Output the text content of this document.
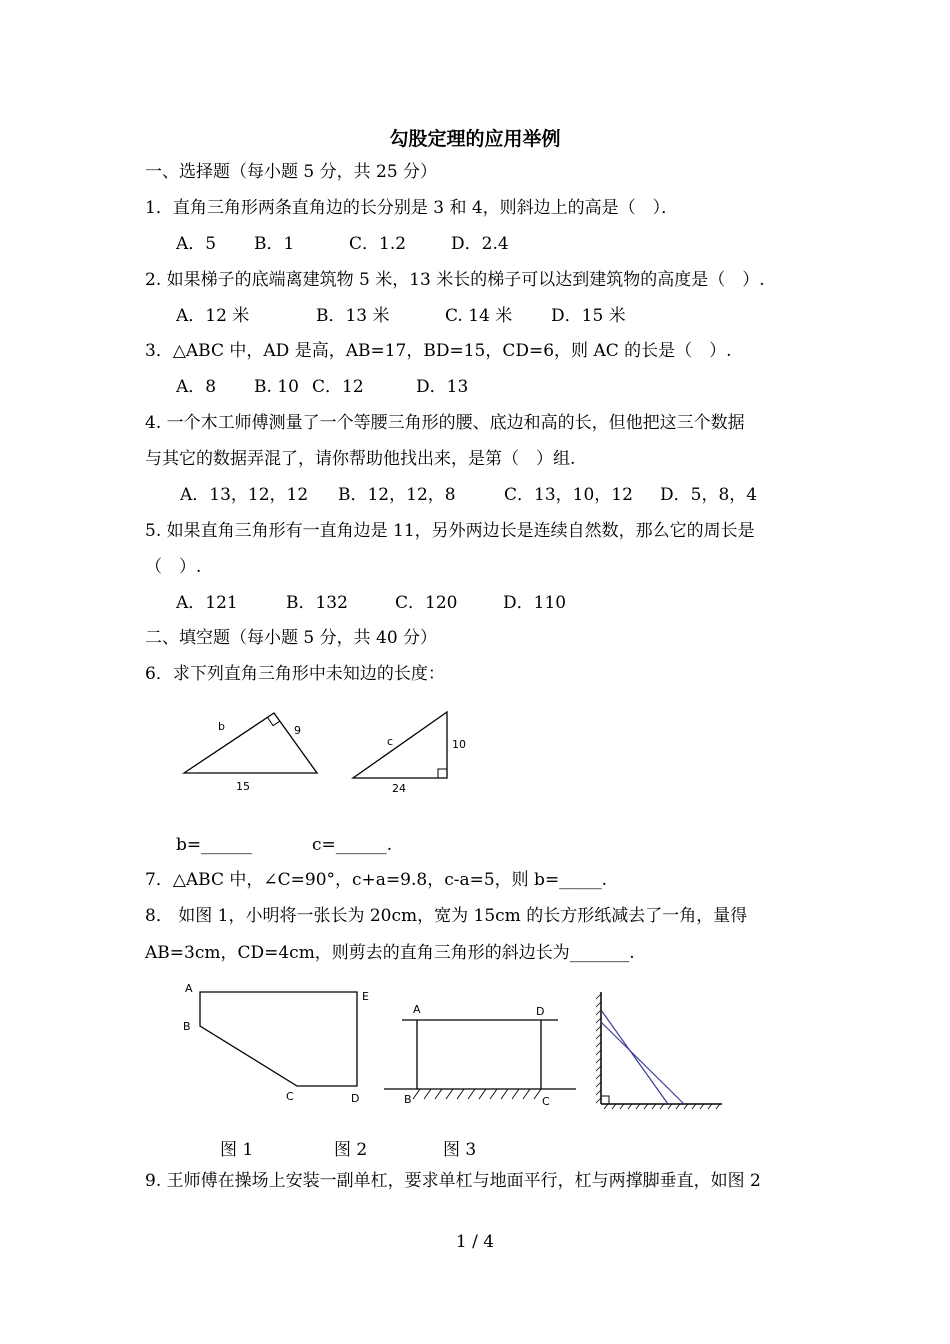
勾股定理的应用举例
一、选择题（每小题 5 分，共 25 分）
1．直角三角形两条直角边的长分别是 3 和 4，则斜边上的高是（　）．
A．5 B．1	C．1.2	D．2.4
2. 如果梯子的底端离建筑物 5 米，13 米长的梯子可以达到建筑物的高度是（　）.
A．12 米	B．13 米	C. 14 米 D．15 米
3．△ABC 中，AD 是高，AB=17，BD=15，CD=6，则 AC 的长是（　）.
A．8 B. 10 C．12	D．13
4. 一个木工师傅测量了一个等腰三角形的腰、底边和高的长，但他把这三个数据
与其它的数据弄混了，请你帮助他找出来，是第（　）组.
A．13，12，12 B．12，12，8	C．13，10，12 D．5，8，4
5. 如果直角三角形有一直角边是 11，另外两边长是连续自然数，那么它的周长是
（　）.
A．121	B．132	C．120	D．110
二、填空题（每小题 5 分，共 40 分）
6．求下列直角三角形中未知边的长度：
b	9
15
c	10
24
b=______	c=______.
7．△ABC 中，∠C=90°，c+a=9.8，c-a=5，则 b=_____.
8． 如图 1，小明将一张长为 20cm，宽为 15cm 的长方形纸减去了一角，量得
AB=3cm，CD=4cm，则剪去的直角三角形的斜边长为_______.
A
E
B
C	D
A	D
B	C
图 1	图 2	图 3
9. 王师傅在操场上安装一副单杠，要求单杠与地面平行，杠与两撑脚垂直，如图 2
1 / 4
